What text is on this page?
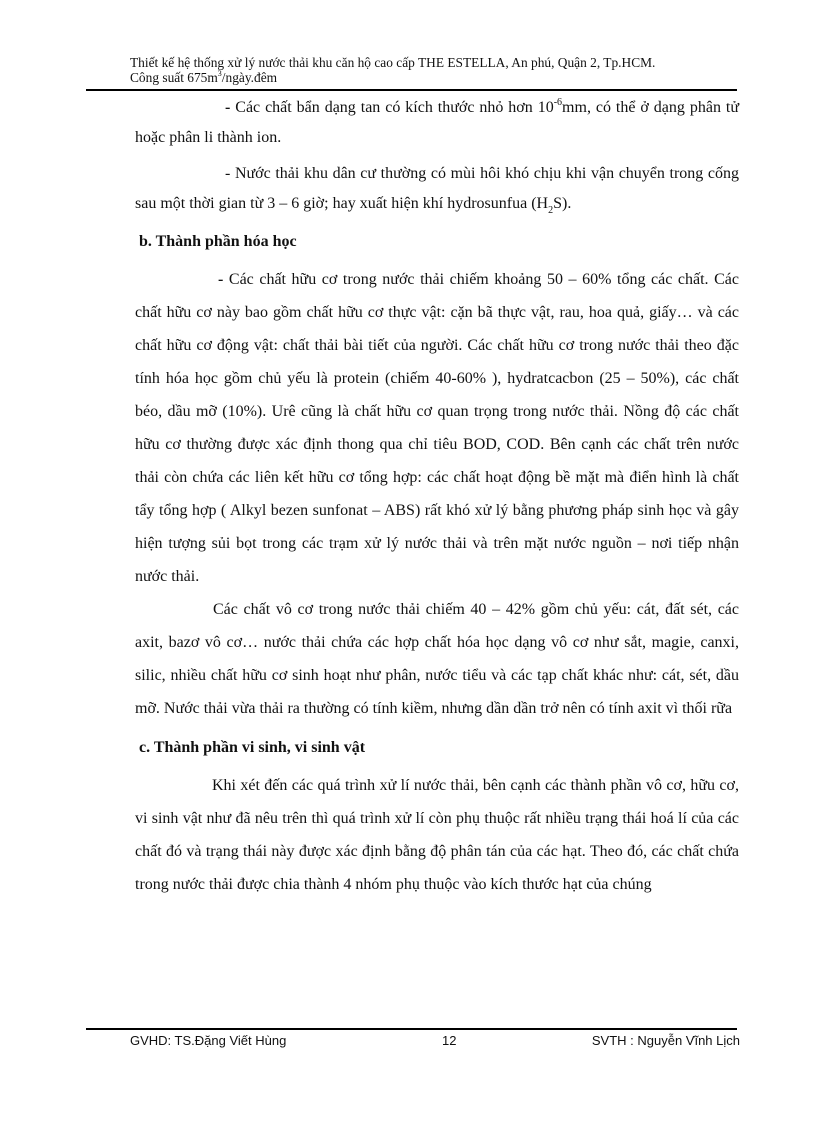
Thiết kế hệ thống xử lý nước thải khu căn hộ cao cấp THE ESTELLA, An phú, Quận 2, Tp.HCM.
Công suất $675m^3/ngày.đêm$

- Các chất bẩn dạng tan có kích thước nhỏ hơn $10^{-6}mm$, có thể ở dạng phân tử hoặc phân li thành ion.

- Nước thải khu dân cư thường có mùi hôi khó chịu khi vận chuyển trong cống sau một thời gian từ 3 – 6 giờ; hay xuất hiện khí hydrosunfua $(H_2S)$.

b. Thành phần hóa học

- Các chất hữu cơ trong nước thải chiếm khoảng 50 – 60% tổng các chất. Các chất hữu cơ này bao gồm chất hữu cơ thực vật: cặn bã thực vật, rau, hoa quả, giấy… và các chất hữu cơ động vật: chất thải bài tiết của người. Các chất hữu cơ trong nước thải theo đặc tính hóa học gồm chủ yếu là protein (chiếm 40-60% ), hydratcacbon (25 – 50%), các chất béo, dầu mỡ (10%). Urê cũng là chất hữu cơ quan trọng trong nước thải. Nồng độ các chất hữu cơ thường được xác định thong qua chỉ tiêu BOD, COD. Bên cạnh các chất trên nước thải còn chứa các liên kết hữu cơ tổng hợp: các chất hoạt động bề mặt mà điển hình là chất tẩy tổng hợp ( Alkyl bezen sunfonat – ABS) rất khó xử lý bằng phương pháp sinh học và gây hiện tượng sủi bọt trong các trạm xử lý nước thải và trên mặt nước nguồn – nơi tiếp nhận nước thải.

Các chất vô cơ trong nước thải chiếm 40 – 42% gồm chủ yếu: cát, đất sét, các axit, bazơ vô cơ… nước thải chứa các hợp chất hóa học dạng vô cơ như sắt, magie, canxi, silic, nhiều chất hữu cơ sinh hoạt như phân, nước tiểu và các tạp chất khác như: cát, sét, dầu mỡ. Nước thải vừa thải ra thường có tính kiềm, nhưng dần dần trở nên có tính axit vì thối rữa

c. Thành phần vi sinh, vi sinh vật

Khi xét đến các quá trình xử lí nước thải, bên cạnh các thành phần vô cơ, hữu cơ, vi sinh vật như đã nêu trên thì quá trình xử lí còn phụ thuộc rất nhiều trạng thái hoá lí của các chất đó và trạng thái này được xác định bằng độ phân tán của các hạt. Theo đó, các chất chứa trong nước thải được chia thành 4 nhóm phụ thuộc vào kích thước hạt của chúng

GVHD: TS.Đặng Viết Hùng	12	SVTH : Nguyễn Vĩnh Lịch
